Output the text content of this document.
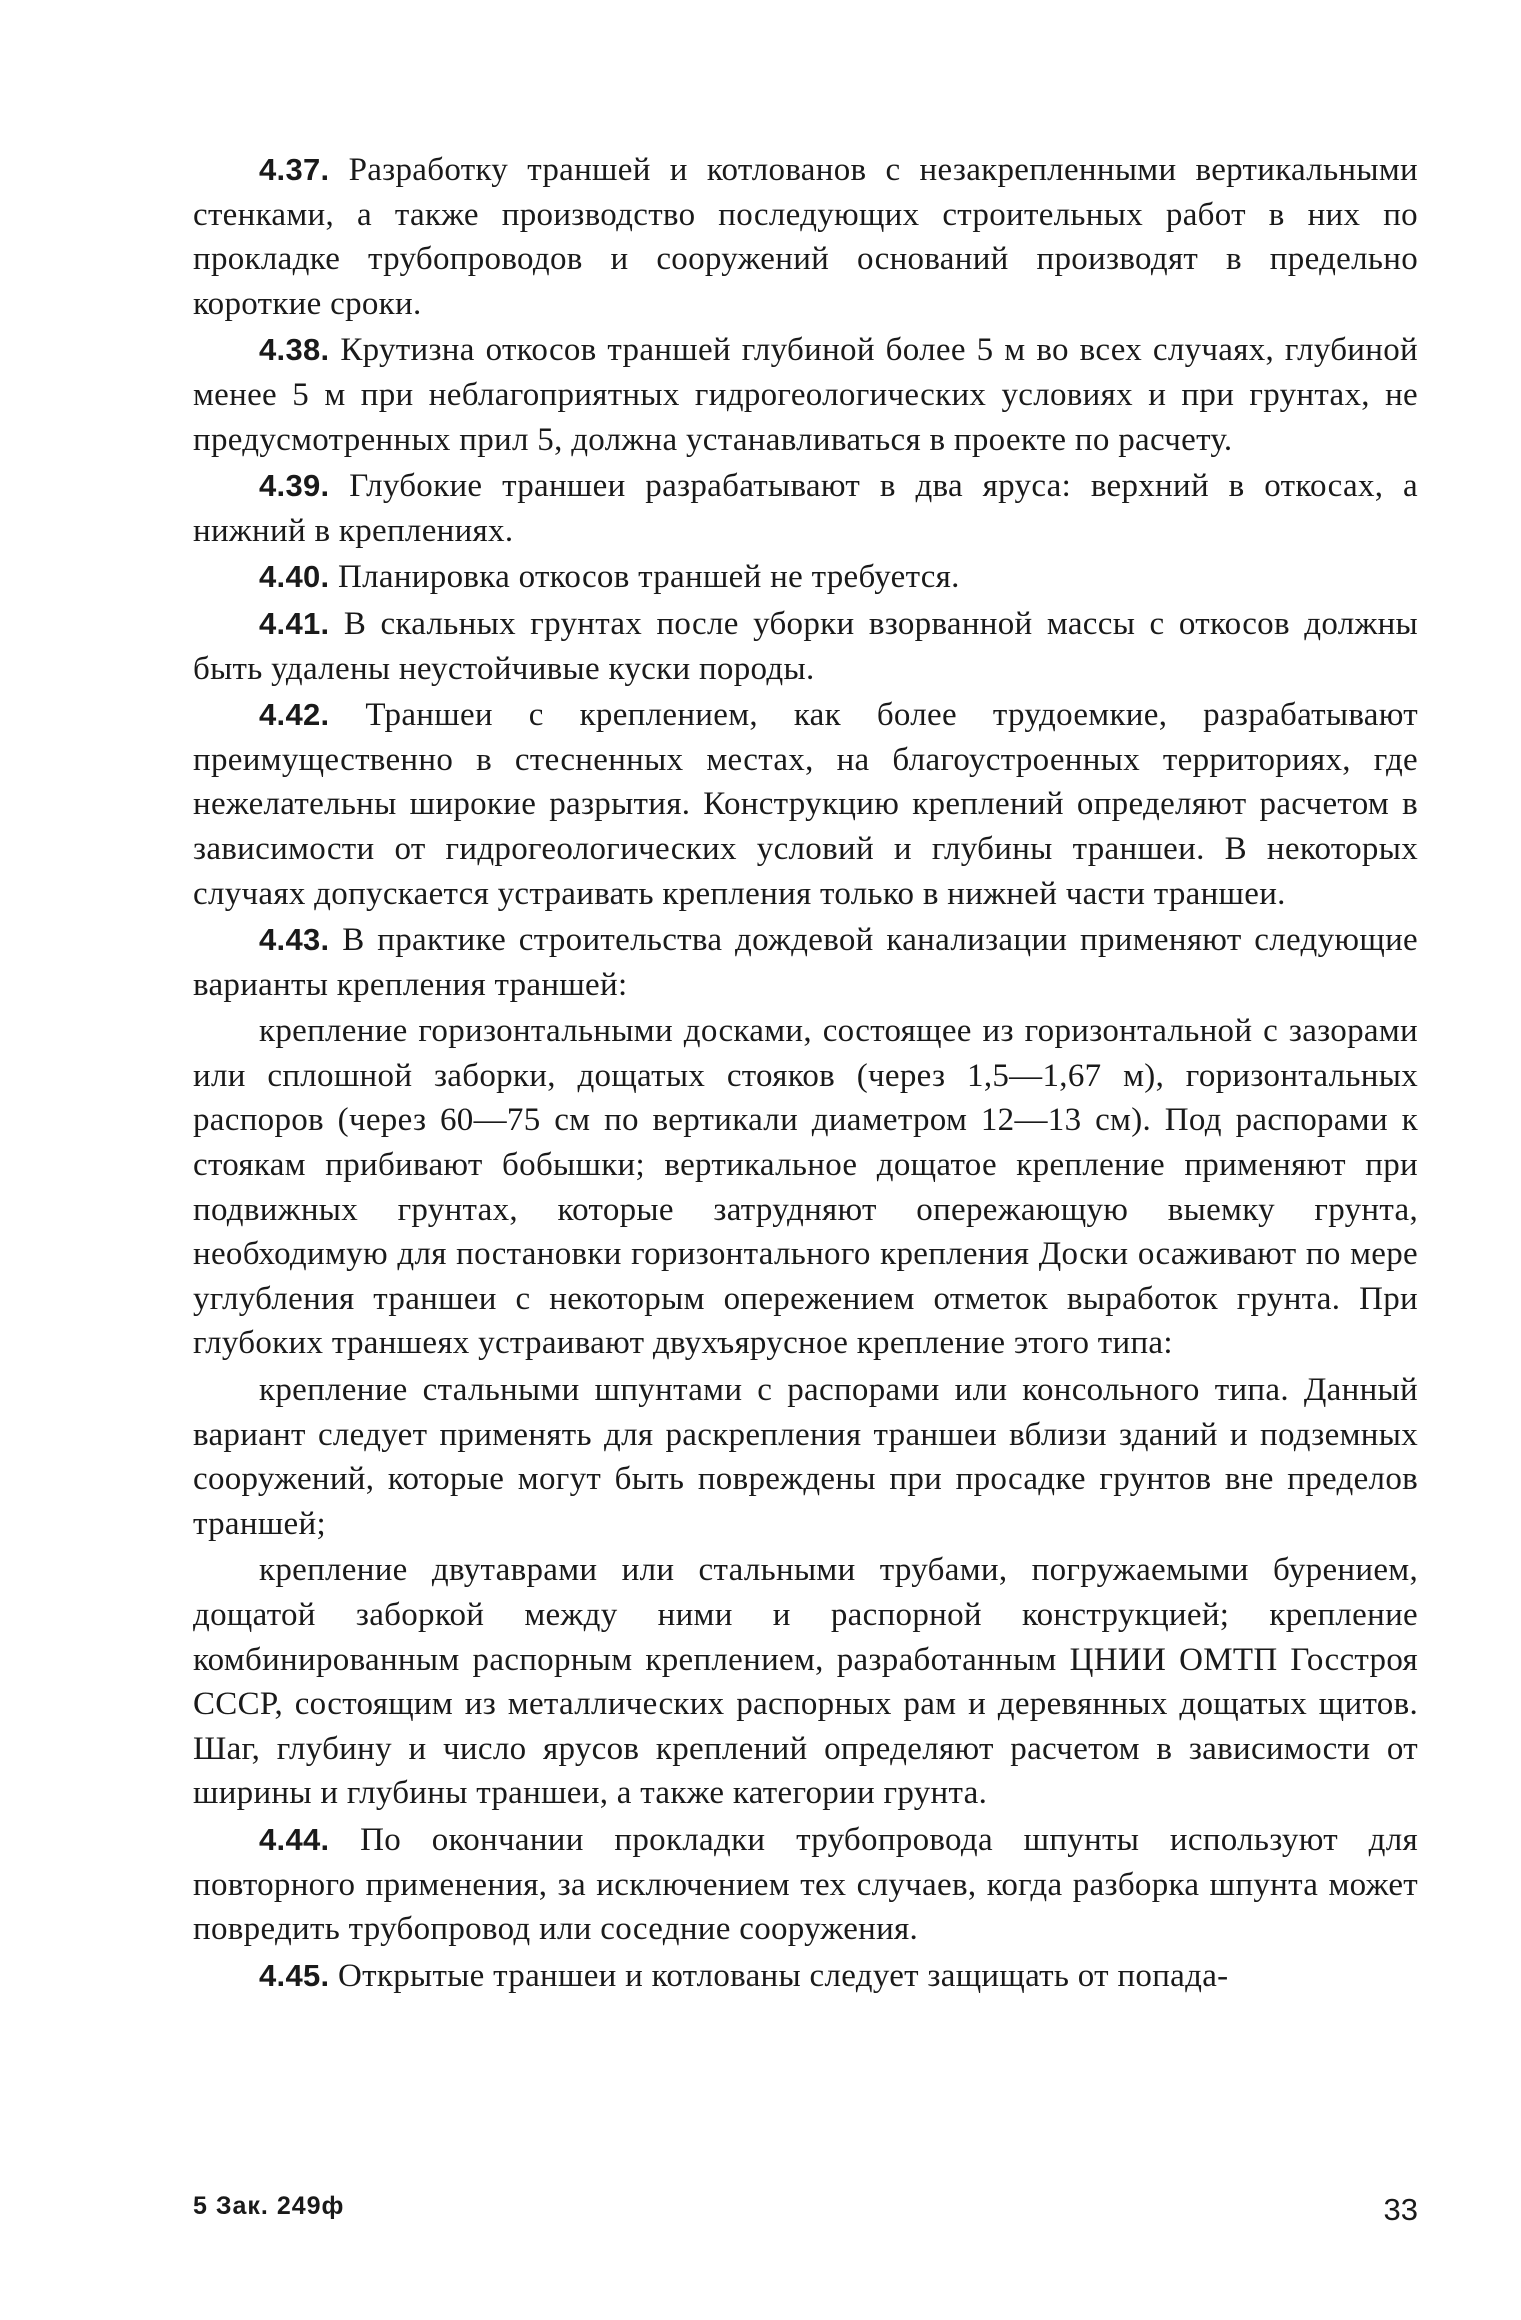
4.37. Разработку траншей и котлованов с незакрепленными вертикальными стенками, а также производство последующих строительных работ в них по прокладке трубопроводов и сооружений оснований производят в предельно короткие сроки.

4.38. Крутизна откосов траншей глубиной более 5 м во всех случаях, глубиной менее 5 м при неблагоприятных гидрогеологических условиях и при грунтах, не предусмотренных прил 5, должна устанавливаться в проекте по расчету.

4.39. Глубокие траншеи разрабатывают в два яруса: верхний в откосах, а нижний в креплениях.

4.40. Планировка откосов траншей не требуется.

4.41. В скальных грунтах после уборки взорванной массы с откосов должны быть удалены неустойчивые куски породы.

4.42. Траншеи с креплением, как более трудоемкие, разрабатывают преимущественно в стесненных местах, на благоустроенных территориях, где нежелательны широкие разрытия. Конструкцию креплений определяют расчетом в зависимости от гидрогеологических условий и глубины траншеи. В некоторых случаях допускается устраивать крепления только в нижней части траншеи.

4.43. В практике строительства дождевой канализации применяют следующие варианты крепления траншей:

крепление горизонтальными досками, состоящее из горизонтальной с зазорами или сплошной заборки, дощатых стояков (через 1,5—1,67 м), горизонтальных распоров (через 60—75 см по вертикали диаметром 12—13 см). Под распорами к стоякам прибивают бобышки; вертикальное дощатое крепление применяют при подвижных грунтах, которые затрудняют опережающую выемку грунта, необходимую для постановки горизонтального крепления Доски осаживают по мере углубления траншеи с некоторым опережением отметок выработок грунта. При глубоких траншеях устраивают двухъярусное крепление этого типа:

крепление стальными шпунтами с распорами или консольного типа. Данный вариант следует применять для раскрепления траншеи вблизи зданий и подземных сооружений, которые могут быть повреждены при просадке грунтов вне пределов траншей;

крепление двутаврами или стальными трубами, погружаемыми бурением, дощатой заборкой между ними и распорной конструкцией; крепление комбинированным распорным креплением, разработанным ЦНИИ ОМТП Госстроя СССР, состоящим из металлических распорных рам и деревянных дощатых щитов. Шаг, глубину и число ярусов креплений определяют расчетом в зависимости от ширины и глубины траншеи, а также категории грунта.

4.44. По окончании прокладки трубопровода шпунты используют для повторного применения, за исключением тех случаев, когда разборка шпунта может повредить трубопровод или соседние сооружения.

4.45. Открытые траншеи и котлованы следует защищать от попада-

5 Зак. 249ф	33
